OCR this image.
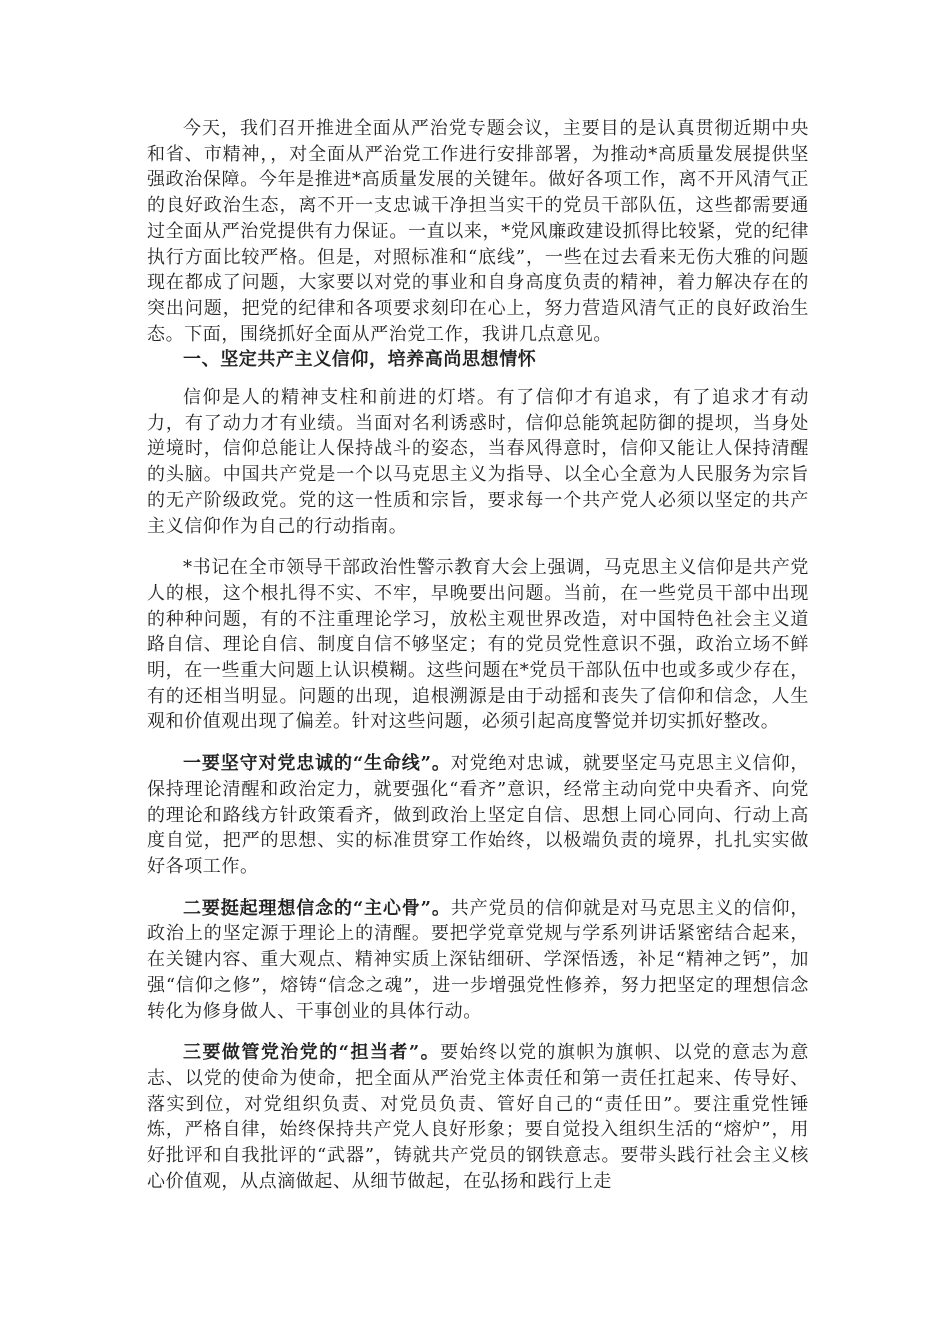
今天，我们召开推进全面从严治党专题会议，主要目的是认真贯彻近期中央和省、市精神，，对全面从严治党工作进行安排部署，为推动*高质量发展提供坚强政治保障。今年是推进*高质量发展的关键年。做好各项工作，离不开风清气正的良好政治生态，离不开一支忠诚干净担当实干的党员干部队伍，这些都需要通过全面从严治党提供有力保证。一直以来，*党风廉政建设抓得比较紧，党的纪律执行方面比较严格。但是，对照标准和“底线”，一些在过去看来无伤大雅的问题现在都成了问题，大家要以对党的事业和自身高度负责的精神，着力解决存在的突出问题，把党的纪律和各项要求刻印在心上，努力营造风清气正的良好政治生态。下面，围绕抓好全面从严治党工作，我讲几点意见。

一、坚定共产主义信仰，培养高尚思想情怀

信仰是人的精神支柱和前进的灯塔。有了信仰才有追求，有了追求才有动力，有了动力才有业绩。当面对名利诱惑时，信仰总能筑起防御的提坝，当身处逆境时，信仰总能让人保持战斗的姿态，当春风得意时，信仰又能让人保持清醒的头脑。中国共产党是一个以马克思主义为指导、以全心全意为人民服务为宗旨的无产阶级政党。党的这一性质和宗旨，要求每一个共产党人必须以坚定的共产主义信仰作为自己的行动指南。

*书记在全市领导干部政治性警示教育大会上强调，马克思主义信仰是共产党人的根，这个根扎得不实、不牢，早晚要出问题。当前，在一些党员干部中出现的种种问题，有的不注重理论学习，放松主观世界改造，对中国特色社会主义道路自信、理论自信、制度自信不够坚定；有的党员党性意识不强，政治立场不鲜明，在一些重大问题上认识模糊。这些问题在*党员干部队伍中也或多或少存在，有的还相当明显。问题的出现，追根溯源是由于动摇和丧失了信仰和信念，人生观和价值观出现了偏差。针对这些问题，必须引起高度警觉并切实抓好整改。

一要坚守对党忠诚的“生命线”。对党绝对忠诚，就要坚定马克思主义信仰，保持理论清醒和政治定力，就要强化“看齐”意识，经常主动向党中央看齐、向党的理论和路线方针政策看齐，做到政治上坚定自信、思想上同心同向、行动上高度自觉，把严的思想、实的标准贯穿工作始终，以极端负责的境界，扎扎实实做好各项工作。

二要挺起理想信念的“主心骨”。共产党员的信仰就是对马克思主义的信仰，政治上的坚定源于理论上的清醒。要把学党章党规与学系列讲话紧密结合起来，在关键内容、重大观点、精神实质上深钻细研、学深悟透，补足“精神之钙”，加强“信仰之修”，熔铸“信念之魂”，进一步增强党性修养，努力把坚定的理想信念转化为修身做人、干事创业的具体行动。

三要做管党治党的“担当者”。要始终以党的旗帜为旗帜、以党的意志为意志、以党的使命为使命，把全面从严治党主体责任和第一责任扛起来、传导好、落实到位，对党组织负责、对党员负责、管好自己的“责任田”。要注重党性锤炼，严格自律，始终保持共产党人良好形象；要自觉投入组织生活的“熔炉”，用好批评和自我批评的“武器”，铸就共产党员的钢铁意志。要带头践行社会主义核心价值观，从点滴做起、从细节做起，在弘扬和践行上走
